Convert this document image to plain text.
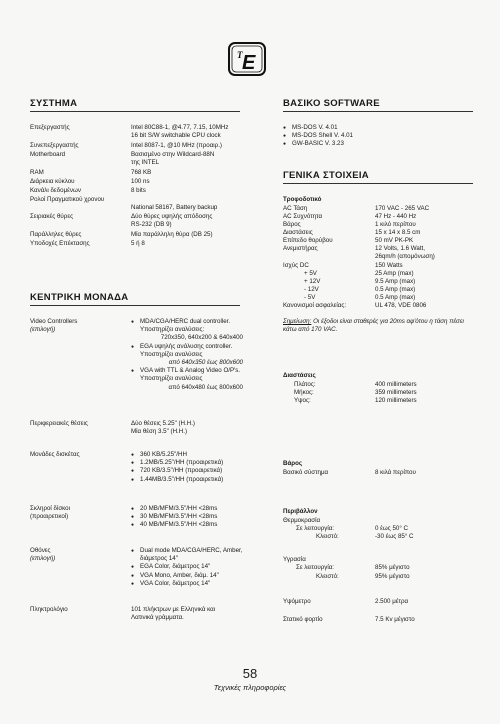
T E
ΣΥΣΤΗΜΑ
Επεξεργαστής	Intel 80C88-1, @4.77, 7.15, 10MHz
16 bit S/W switchable CPU clock
Συνεπεξεργαστής	Intel 8087-1, @10 MHz (προαιρ.)
Motherboard	Βασισμένο στην Wildcard-88N
της INTEL
RAM	768 KB
Διάρκεια κύκλου	100 ns
Κανάλι δεδομένων	8 bits
Ρολοί Πραγματικού χρονου
National 58167, Battery backup
Σειριακές θύρες	Δύο θύρες υψηλής απόδοσης
RS-232 (DB 9)
Παράλληλες θύρες	Μία παράλληλη θύρα (DB 25)
Υποδοχές Επέκτασης	5 ή 8
ΚΕΝΤΡΙΚΗ ΜΟΝΑΔΑ
Video Controllers
(επιλογή)
● MDA/CGA/HERC dual controller. Υποστηρίζει αναλύσεις:
720x350, 640x200 & 640x400
● EGA υψηλής ανάλυσης controller. Υποστηρίζει αναλύσεις
από 640x350 έως 800x600
● VGA with TTL & Analog Video O/P's. Υποστηρίζει αναλύσεις
από 640x480 έως 800x600
Περιφερειακές θέσεις	Δύο θέσεις 5.25" (H.H.)
Μία θέση 3.5" (H.H.)
Μονάδες δισκέτας
●	360 KB/5.25"/HH
● 1.2MB/5.25"/HH (προαιρετικά)
● 720 KB/3.5"/HH (προαιρετικά)
● 1.44MB/3.5"/HH (προαιρετικά)
Σκληροί δίσκοι
(προαιρετικοί)
● 20 MB/MFM/3.5"/HH <28ms
● 30 MB/MFM/3.5"/HH <28ms
● 40 MB/MFM/3.5"/HH <28ms
Οθόνες
(επιλογή)
● Dual mode MDA/CGA/HERC, Amber, διάμετρος 14"
● EGA Color, διάμετρος 14"
● VGA Mono, Amber, διάμ. 14"
● VGA Color, διάμετρος 14"
Πληκτρολόγιο	101 πλήκτρων με Ελληνικά και
Λατινικά γράμματα.
ΒΑΣΙΚΟ SOFTWARE
● MS-DOS V. 4.01
● MS-DOS Shell V. 4.01
● GW-BASIC V. 3.23
ΓΕΝΙΚΑ ΣΤΟΙΧΕΙΑ
Τροφοδοτικό
AC Τάση	170 VAC - 265 VAC
AC Συχνότητα	47 Hz - 440 Hz
Βάρος	1 κιλό περίπου
Διαστάσεις	15 x 14 x 8.5 cm
Επίπεδο θορύβου	50 mV PK-PK
Ανεμιστήρας	12 Volts, 1.6 Watt,
26qm/h (απομόνωση)
Ισχύς DC	150 Watts
+ 5V	25 Amp (max)
+ 12V	9.5 Amp (max)
- 12V	0.5 Amp (max)
- 5V	0.5 Amp (max)
Κανονισμοί ασφαλείας:	UL 478, VDE 0806
Σημείωση: Οι έξοδοι είναι σταθερές για 20ms αφ'ότου η τάση πέσει κάτω από 170 VAC.
Διαστάσεις
Πλάτος:	400 millimeters
Μήκος:	359 millimeters
Υψος:	120 millimeters
Βάρος
Βασικό σύστημα	8 κιλά περίπου
Περιβάλλον
Θερμοκρασία
Σε λειτουργία:	0 έως 50° C
Κλειστό:	-30 έως 85° C
Υγρασία
Σε λειτουργία:	85% μέγιστο
Κλειστό:	95% μέγιστο
Υψόμετρο	2.500 μέτρα
Στατικό φορτίο	7.5 Kv μέγιστο
58
Τεχνικές πληροφορίες
